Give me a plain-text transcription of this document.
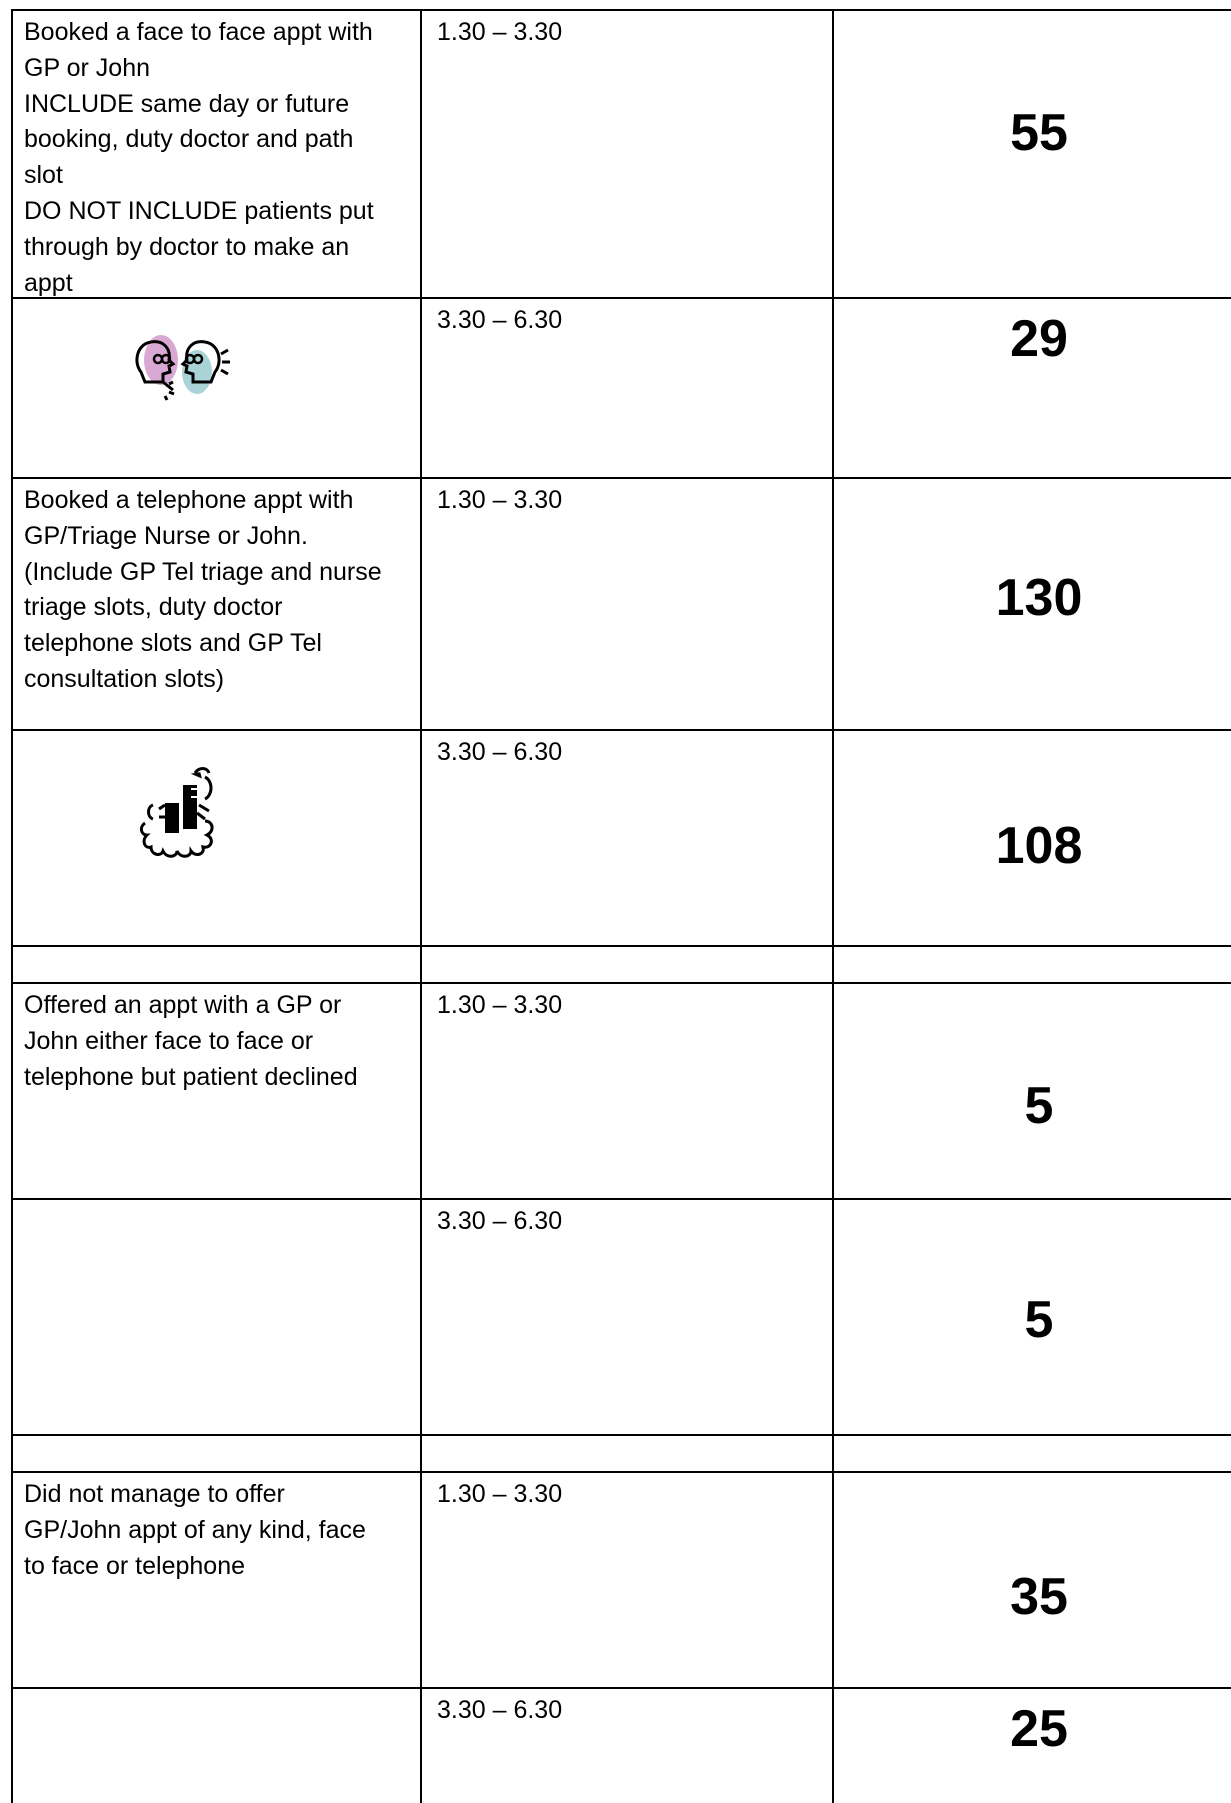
Booked a face to face appt with
GP or John
INCLUDE same day or future
booking, duty doctor and path
slot
DO NOT INCLUDE patients put
through by doctor to make an
appt

1.30 – 3.30

55

3.30 – 6.30	29

Booked a telephone appt with
GP/Triage Nurse or John.
(Include GP Tel triage and nurse
triage slots, duty doctor
telephone slots and GP Tel
consultation slots)

1.30 – 3.30

130

3.30 – 6.30

108

Offered an appt with a GP or
John either face to face or
telephone but patient declined

1.30 – 3.30

5

3.30 – 6.30

5

Did not manage to offer
GP/John appt of any kind, face
to face or telephone

1.30 – 3.30

35

3.30 – 6.30	25
